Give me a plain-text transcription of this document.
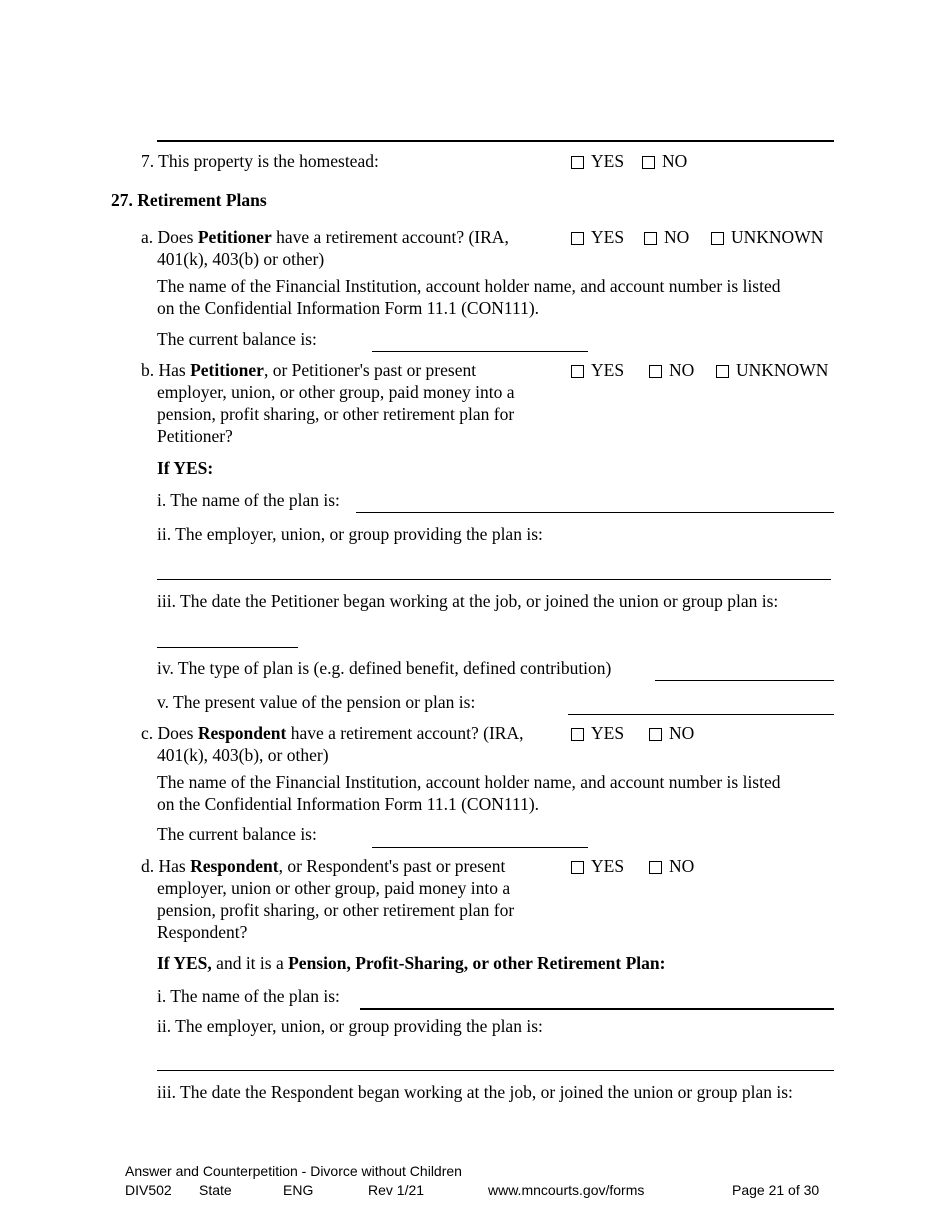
7. This property is the homestead:	YES NO
27. Retirement Plans
a. Does Petitioner have a retirement account? (IRA,
401(k), 403(b) or other)
YES NO UNKNOWN
The name of the Financial Institution, account holder name, and account number is listed
on the Confidential Information Form 11.1 (CON111).
The current balance is:
b. Has Petitioner, or Petitioner's past or present
employer, union, or other group, paid money into a
pension, profit sharing, or other retirement plan for
Petitioner?
YES	NO UNKNOWN
If YES:
i. The name of the plan is:
ii. The employer, union, or group providing the plan is:
iii. The date the Petitioner began working at the job, or joined the union or group plan is:
iv. The type of plan is (e.g. defined benefit, defined contribution)
v. The present value of the pension or plan is:
c. Does Respondent have a retirement account? (IRA,
401(k), 403(b), or other)
YES	NO
The name of the Financial Institution, account holder name, and account number is listed
on the Confidential Information Form 11.1 (CON111).
The current balance is:
d. Has Respondent, or Respondent's past or present
employer, union or other group, paid money into a
pension, profit sharing, or other retirement plan for
Respondent?
YES	NO
If YES, and it is a Pension, Profit-Sharing, or other Retirement Plan:
i. The name of the plan is:
ii. The employer, union, or group providing the plan is:
iii. The date the Respondent began working at the job, or joined the union or group plan is:
Answer and Counterpetition - Divorce without Children
DIV502 State	ENG	Rev 1/21	www.mncourts.gov/forms	Page 21 of 30
